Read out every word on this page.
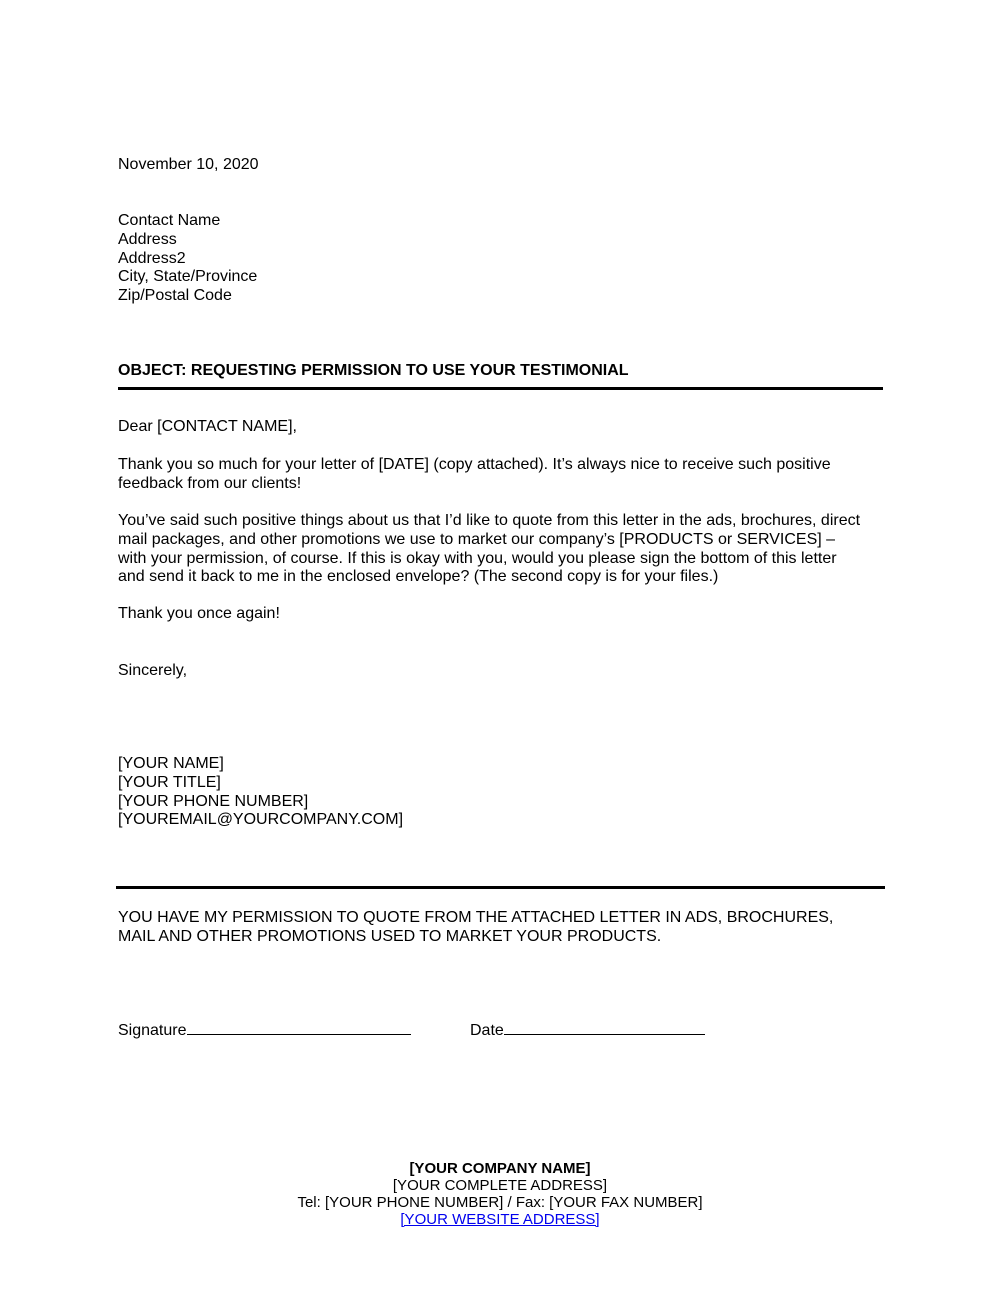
November 10, 2020
Contact Name
Address
Address2
City, State/Province
Zip/Postal Code
OBJECT: REQUESTING PERMISSION TO USE YOUR TESTIMONIAL
Dear [CONTACT NAME],
Thank you so much for your letter of [DATE] (copy attached). It’s always nice to receive such positive
feedback from our clients!
You’ve said such positive things about us that I’d like to quote from this letter in the ads, brochures, direct
mail packages, and other promotions we use to market our company’s [PRODUCTS or SERVICES] –
with your permission, of course. If this is okay with you, would you please sign the bottom of this letter
and send it back to me in the enclosed envelope? (The second copy is for your files.)
Thank you once again!
Sincerely,
[YOUR NAME]
[YOUR TITLE]
[YOUR PHONE NUMBER]
[YOUREMAIL@YOURCOMPANY.COM]
YOU HAVE MY PERMISSION TO QUOTE FROM THE ATTACHED LETTER IN ADS, BROCHURES,
MAIL AND OTHER PROMOTIONS USED TO MARKET YOUR PRODUCTS.
Signature	Date
[YOUR COMPANY NAME]
[YOUR COMPLETE ADDRESS]
Tel: [YOUR PHONE NUMBER] / Fax: [YOUR FAX NUMBER]
[YOUR WEBSITE ADDRESS]
